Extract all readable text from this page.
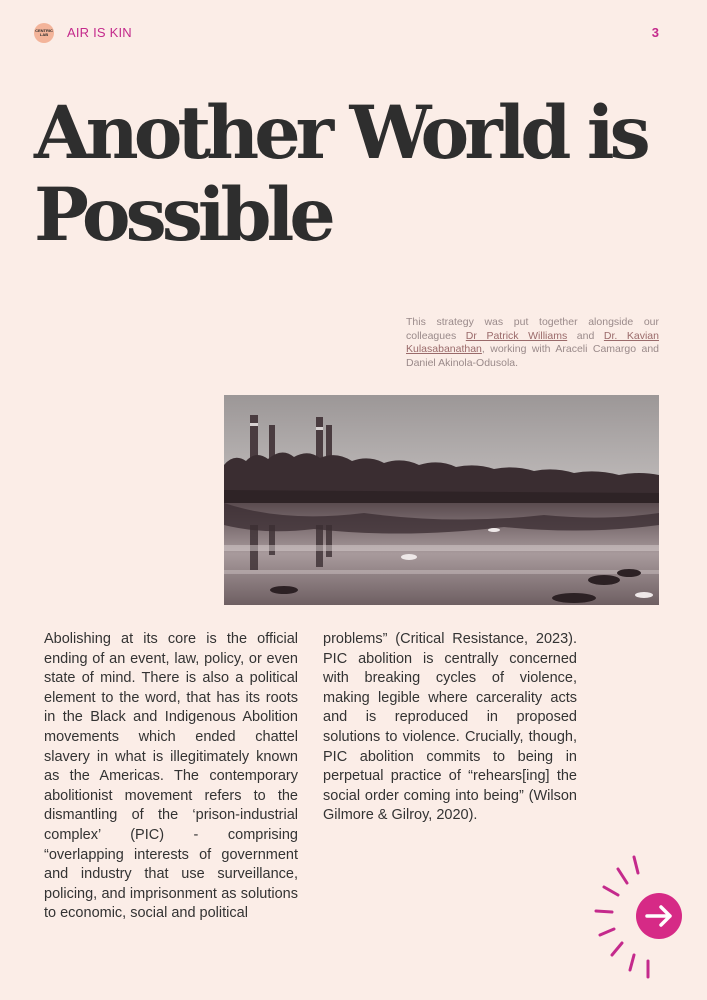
CENTRIC LAB	AIR IS KIN	3
Another World is Possible
This strategy was put together alongside our colleagues Dr Patrick Williams and Dr. Kavian Kulasabanathan, working with Araceli Camargo and Daniel Akinola-Odusola.
Abolishing at its core is the official ending of an event, law, policy, or even state of mind. There is also a political element to the word, that has its roots in the Black and Indigenous Abolition movements which ended chattel slavery in what is illegitimately known as the Americas. The contemporary abolitionist movement refers to the dismantling of the ‘prison-industrial complex’ (PIC) - comprising “overlapping interests of government and industry that use surveillance, policing, and imprisonment as solutions to economic, social and political
problems” (Critical Resistance, 2023). PIC abolition is centrally concerned with breaking cycles of violence, making legible where carcerality acts and is reproduced in proposed solutions to violence. Crucially, though, PIC abolition commits to being in perpetual practice of “rehears[ing] the social order coming into being” (Wilson Gilmore & Gilroy, 2020).
